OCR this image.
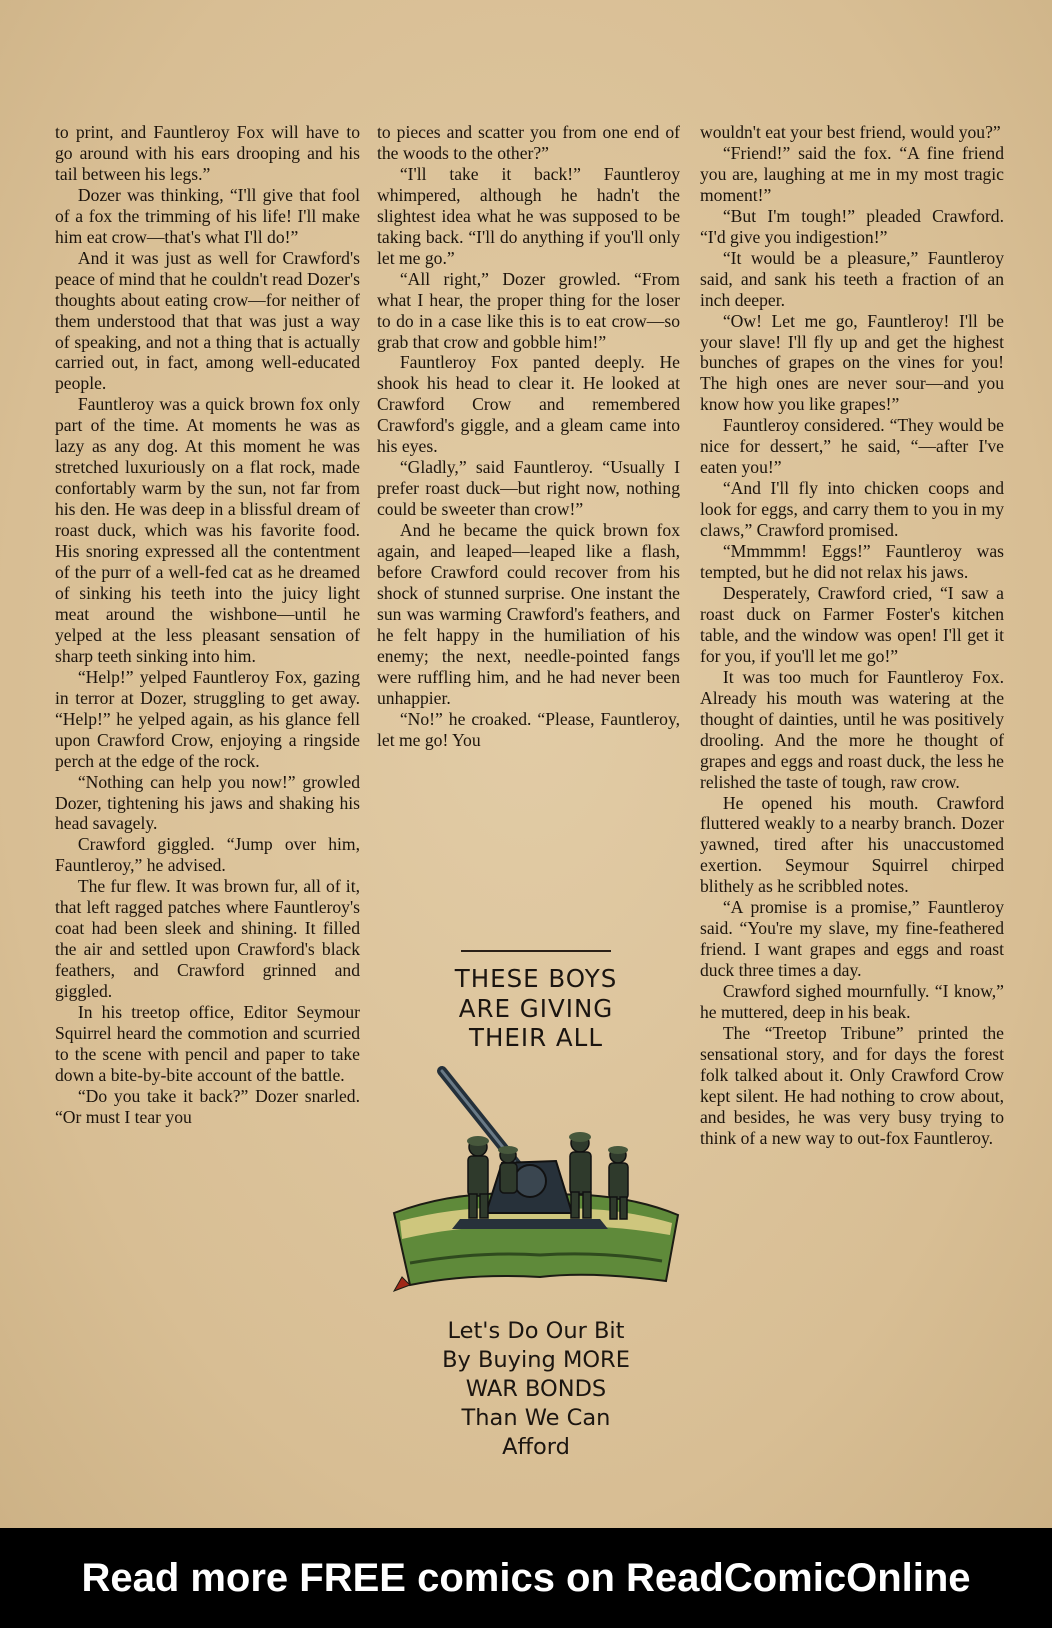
to print, and Fauntleroy Fox will have to go around with his ears drooping and his tail between his legs.”

Dozer was thinking, “I'll give that fool of a fox the trimming of his life! I'll make him eat crow—that's what I'll do!”

And it was just as well for Crawford's peace of mind that he couldn't read Dozer's thoughts about eating crow—for neither of them understood that that was just a way of speaking, and not a thing that is actually carried out, in fact, among well-educated people.

Fauntleroy was a quick brown fox only part of the time. At moments he was as lazy as any dog. At this moment he was stretched luxuriously on a flat rock, made confortably warm by the sun, not far from his den. He was deep in a blissful dream of roast duck, which was his favorite food. His snoring expressed all the contentment of the purr of a well-fed cat as he dreamed of sinking his teeth into the juicy light meat around the wishbone—until he yelped at the less pleasant sensation of sharp teeth sinking into him.

“Help!” yelped Fauntleroy Fox, gazing in terror at Dozer, struggling to get away. “Help!” he yelped again, as his glance fell upon Crawford Crow, enjoying a ringside perch at the edge of the rock.

“Nothing can help you now!” growled Dozer, tightening his jaws and shaking his head savagely.

Crawford giggled. “Jump over him, Fauntleroy,” he advised.

The fur flew. It was brown fur, all of it, that left ragged patches where Fauntleroy's coat had been sleek and shining. It filled the air and settled upon Crawford's black feathers, and Crawford grinned and giggled.

In his treetop office, Editor Seymour Squirrel heard the commotion and scurried to the scene with pencil and paper to take down a bite-by-bite account of the battle.

“Do you take it back?” Dozer snarled. “Or must I tear you

to pieces and scatter you from one end of the woods to the other?”

“I'll take it back!” Fauntleroy whimpered, although he hadn't the slightest idea what he was supposed to be taking back. “I'll do anything if you'll only let me go.”

“All right,” Dozer growled. “From what I hear, the proper thing for the loser to do in a case like this is to eat crow—so grab that crow and gobble him!”

Fauntleroy Fox panted deeply. He shook his head to clear it. He looked at Crawford Crow and remembered Crawford's giggle, and a gleam came into his eyes.

“Gladly,” said Fauntleroy. “Usually I prefer roast duck—but right now, nothing could be sweeter than crow!”

And he became the quick brown fox again, and leaped—leaped like a flash, before Crawford could recover from his shock of stunned surprise. One instant the sun was warming Crawford's feathers, and he felt happy in the humiliation of his enemy; the next, needle-pointed fangs were ruffling him, and he had never been unhappier.

“No!” he croaked. “Please, Fauntleroy, let me go! You

wouldn't eat your best friend, would you?”

“Friend!” said the fox. “A fine friend you are, laughing at me in my most tragic moment!”

“But I'm tough!” pleaded Crawford. “I'd give you indigestion!”

“It would be a pleasure,” Fauntleroy said, and sank his teeth a fraction of an inch deeper.

“Ow! Let me go, Fauntleroy! I'll be your slave! I'll fly up and get the highest bunches of grapes on the vines for you! The high ones are never sour—and you know how you like grapes!”

Fauntleroy considered. “They would be nice for dessert,” he said, “—after I've eaten you!”

“And I'll fly into chicken coops and look for eggs, and carry them to you in my claws,” Crawford promised.

“Mmmmm! Eggs!” Fauntleroy was tempted, but he did not relax his jaws.

Desperately, Crawford cried, “I saw a roast duck on Farmer Foster's kitchen table, and the window was open! I'll get it for you, if you'll let me go!”

It was too much for Fauntleroy Fox. Already his mouth was watering at the thought of dainties, until he was positively drooling. And the more he thought of grapes and eggs and roast duck, the less he relished the taste of tough, raw crow.

He opened his mouth. Crawford fluttered weakly to a nearby branch. Dozer yawned, tired after his unaccustomed exertion. Seymour Squirrel chirped blithely as he scribbled notes.

“A promise is a promise,” Fauntleroy said. “You're my slave, my fine-feathered friend. I want grapes and eggs and roast duck three times a day.

Crawford sighed mournfully. “I know,” he muttered, deep in his beak.

The “Treetop Tribune” printed the sensational story, and for days the forest folk talked about it. Only Crawford Crow kept silent. He had nothing to crow about, and besides, he was very busy trying to think of a new way to out-fox Fauntleroy.

THESE BOYS
ARE GIVING
THEIR ALL
Let's Do Our Bit
By Buying MORE
WAR BONDS
Than We Can
Afford
Read more FREE comics on ReadComicOnline
